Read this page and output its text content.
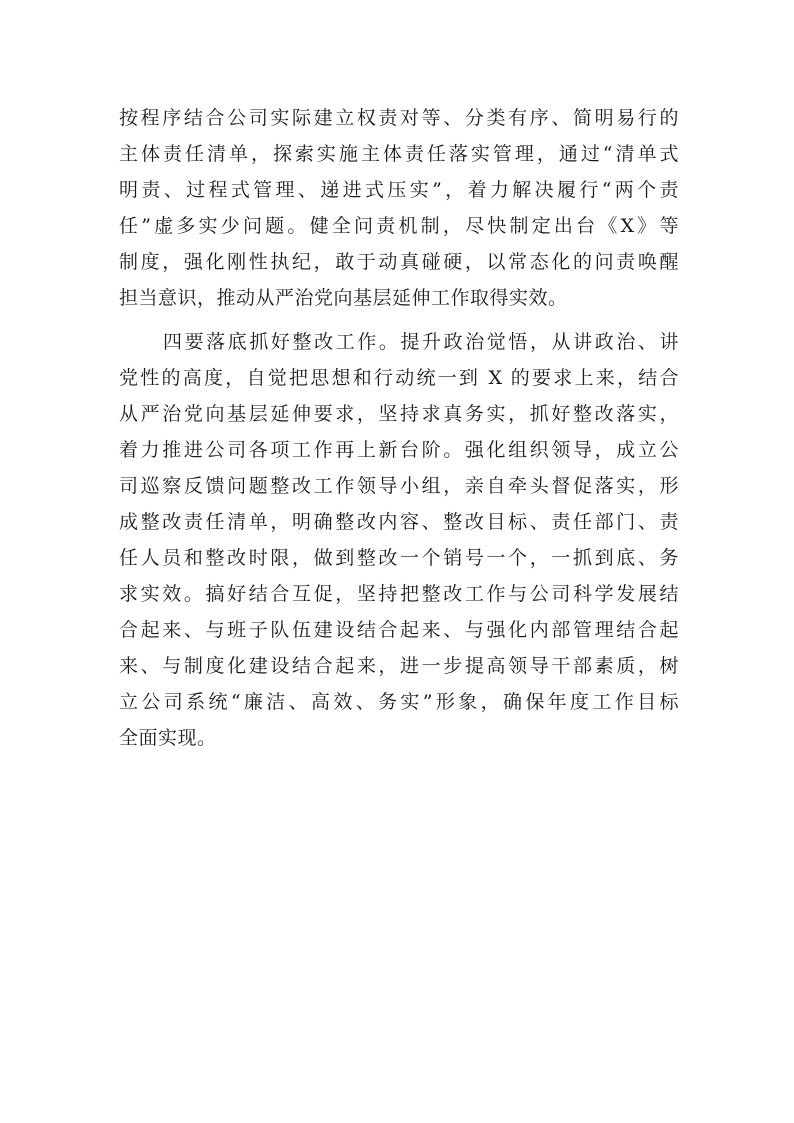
按程序结合公司实际建立权责对等、分类有序、简明易行的
主体责任清单，探索实施主体责任落实管理，通过“清单式
明责、过程式管理、递进式压实”，着力解决履行“两个责
任”虚多实少问题。健全问责机制，尽快制定出台《X》等
制度，强化刚性执纪，敢于动真碰硬，以常态化的问责唤醒
担当意识，推动从严治党向基层延伸工作取得实效。
四要落底抓好整改工作。提升政治觉悟，从讲政治、讲
党性的高度，自觉把思想和行动统一到 X 的要求上来，结合
从严治党向基层延伸要求，坚持求真务实，抓好整改落实，
着力推进公司各项工作再上新台阶。强化组织领导，成立公
司巡察反馈问题整改工作领导小组，亲自牵头督促落实，形
成整改责任清单，明确整改内容、整改目标、责任部门、责
任人员和整改时限，做到整改一个销号一个，一抓到底、务
求实效。搞好结合互促，坚持把整改工作与公司科学发展结
合起来、与班子队伍建设结合起来、与强化内部管理结合起
来、与制度化建设结合起来，进一步提高领导干部素质，树
立公司系统“廉洁、高效、务实”形象，确保年度工作目标
全面实现。
